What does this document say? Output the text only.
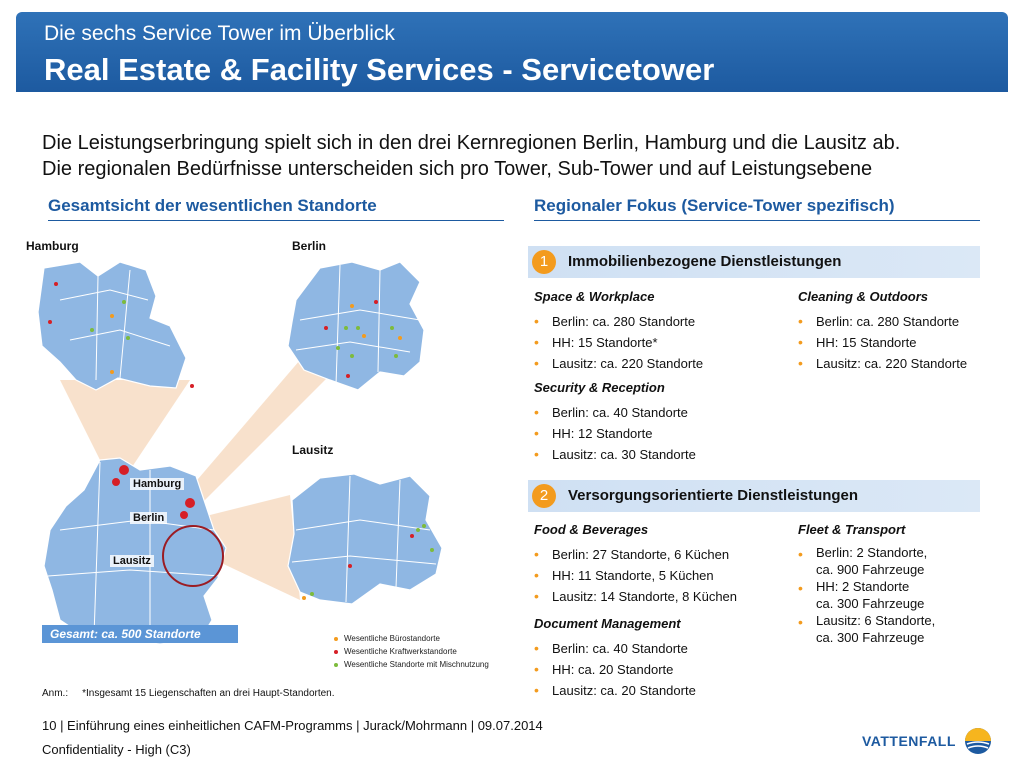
Die sechs Service Tower im Überblick
Real Estate & Facility Services - Servicetower
Die Leistungserbringung spielt sich in den drei Kernregionen Berlin, Hamburg und die Lausitz ab.
Die regionalen Bedürfnisse unterscheiden sich pro Tower, Sub-Tower und auf Leistungsebene
Gesamtsicht der wesentlichen Standorte	Regionaler Fokus (Service-Tower spezifisch)
Hamburg	Berlin
Lausitz
Hamburg
Berlin
Lausitz
Gesamt: ca. 500 Standorte	Wesentliche Bürostandorte
Wesentliche Kraftwerkstandorte
Wesentliche Standorte mit Mischnutzung
1	Immobilienbezogene Dienstleistungen
Space & Workplace
• Berlin: ca. 280 Standorte
• HH: 15 Standorte*
• Lausitz: ca. 220 Standorte
Cleaning & Outdoors
• Berlin: ca. 280 Standorte
• HH: 15 Standorte
• Lausitz: ca. 220 Standorte
Security & Reception
• Berlin: ca. 40 Standorte
• HH: 12 Standorte
• Lausitz: ca. 30 Standorte
2	Versorgungsorientierte Dienstleistungen
Food & Beverages
• Berlin: 27 Standorte, 6 Küchen
• HH: 11 Standorte, 5 Küchen
• Lausitz: 14 Standorte, 8 Küchen
Fleet & Transport
• Berlin: 2 Standorte,
ca. 900 Fahrzeuge
• HH: 2 Standorte
ca. 300 Fahrzeuge
• Lausitz: 6 Standorte,
ca. 300 Fahrzeuge
Document Management
• Berlin: ca. 40 Standorte
• HH: ca. 20 Standorte
• Lausitz: ca. 20 Standorte
Anm.: *Insgesamt 15 Liegenschaften an drei Haupt-Standorten.
10 | Einführung eines einheitlichen CAFM-Programms | Jurack/Mohrmann | 09.07.2014
Confidentiality - High (C3)
VATTENFALL
